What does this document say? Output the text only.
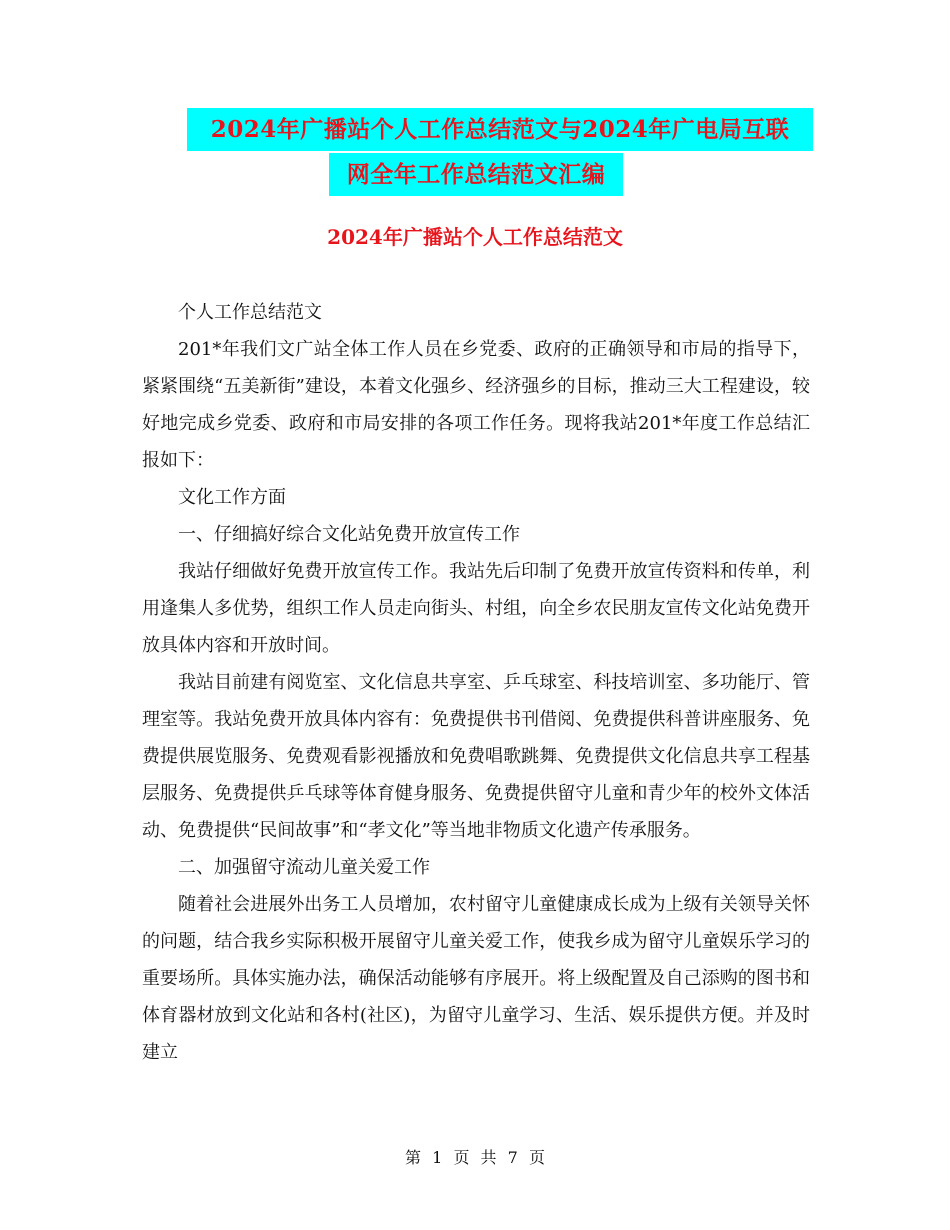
2024年广播站个人工作总结范文与2024年广电局互联
网全年工作总结范文汇编
2024年广播站个人工作总结范文

个人工作总结范文

201*年我们文广站全体工作人员在乡党委、政府的正确领导和市局的指导下，紧紧围绕“五美新街”建设，本着文化强乡、经济强乡的目标，推动三大工程建设，较好地完成乡党委、政府和市局安排的各项工作任务。现将我站201*年度工作总结汇报如下：

文化工作方面

一、仔细搞好综合文化站免费开放宣传工作

我站仔细做好免费开放宣传工作。我站先后印制了免费开放宣传资料和传单，利用逢集人多优势，组织工作人员走向街头、村组，向全乡农民朋友宣传文化站免费开放具体内容和开放时间。

我站目前建有阅览室、文化信息共享室、乒乓球室、科技培训室、多功能厅、管理室等。我站免费开放具体内容有：免费提供书刊借阅、免费提供科普讲座服务、免费提供展览服务、免费观看影视播放和免费唱歌跳舞、免费提供文化信息共享工程基层服务、免费提供乒乓球等体育健身服务、免费提供留守儿童和青少年的校外文体活动、免费提供“民间故事”和“孝文化”等当地非物质文化遗产传承服务。

二、加强留守流动儿童关爱工作

随着社会进展外出务工人员增加，农村留守儿童健康成长成为上级有关领导关怀的问题，结合我乡实际积极开展留守儿童关爱工作，使我乡成为留守儿童娱乐学习的重要场所。具体实施办法，确保活动能够有序展开。将上级配置及自己添购的图书和体育器材放到文化站和各村(社区)，为留守儿童学习、生活、娱乐提供方便。并及时建立

第 1 页 共 7 页
